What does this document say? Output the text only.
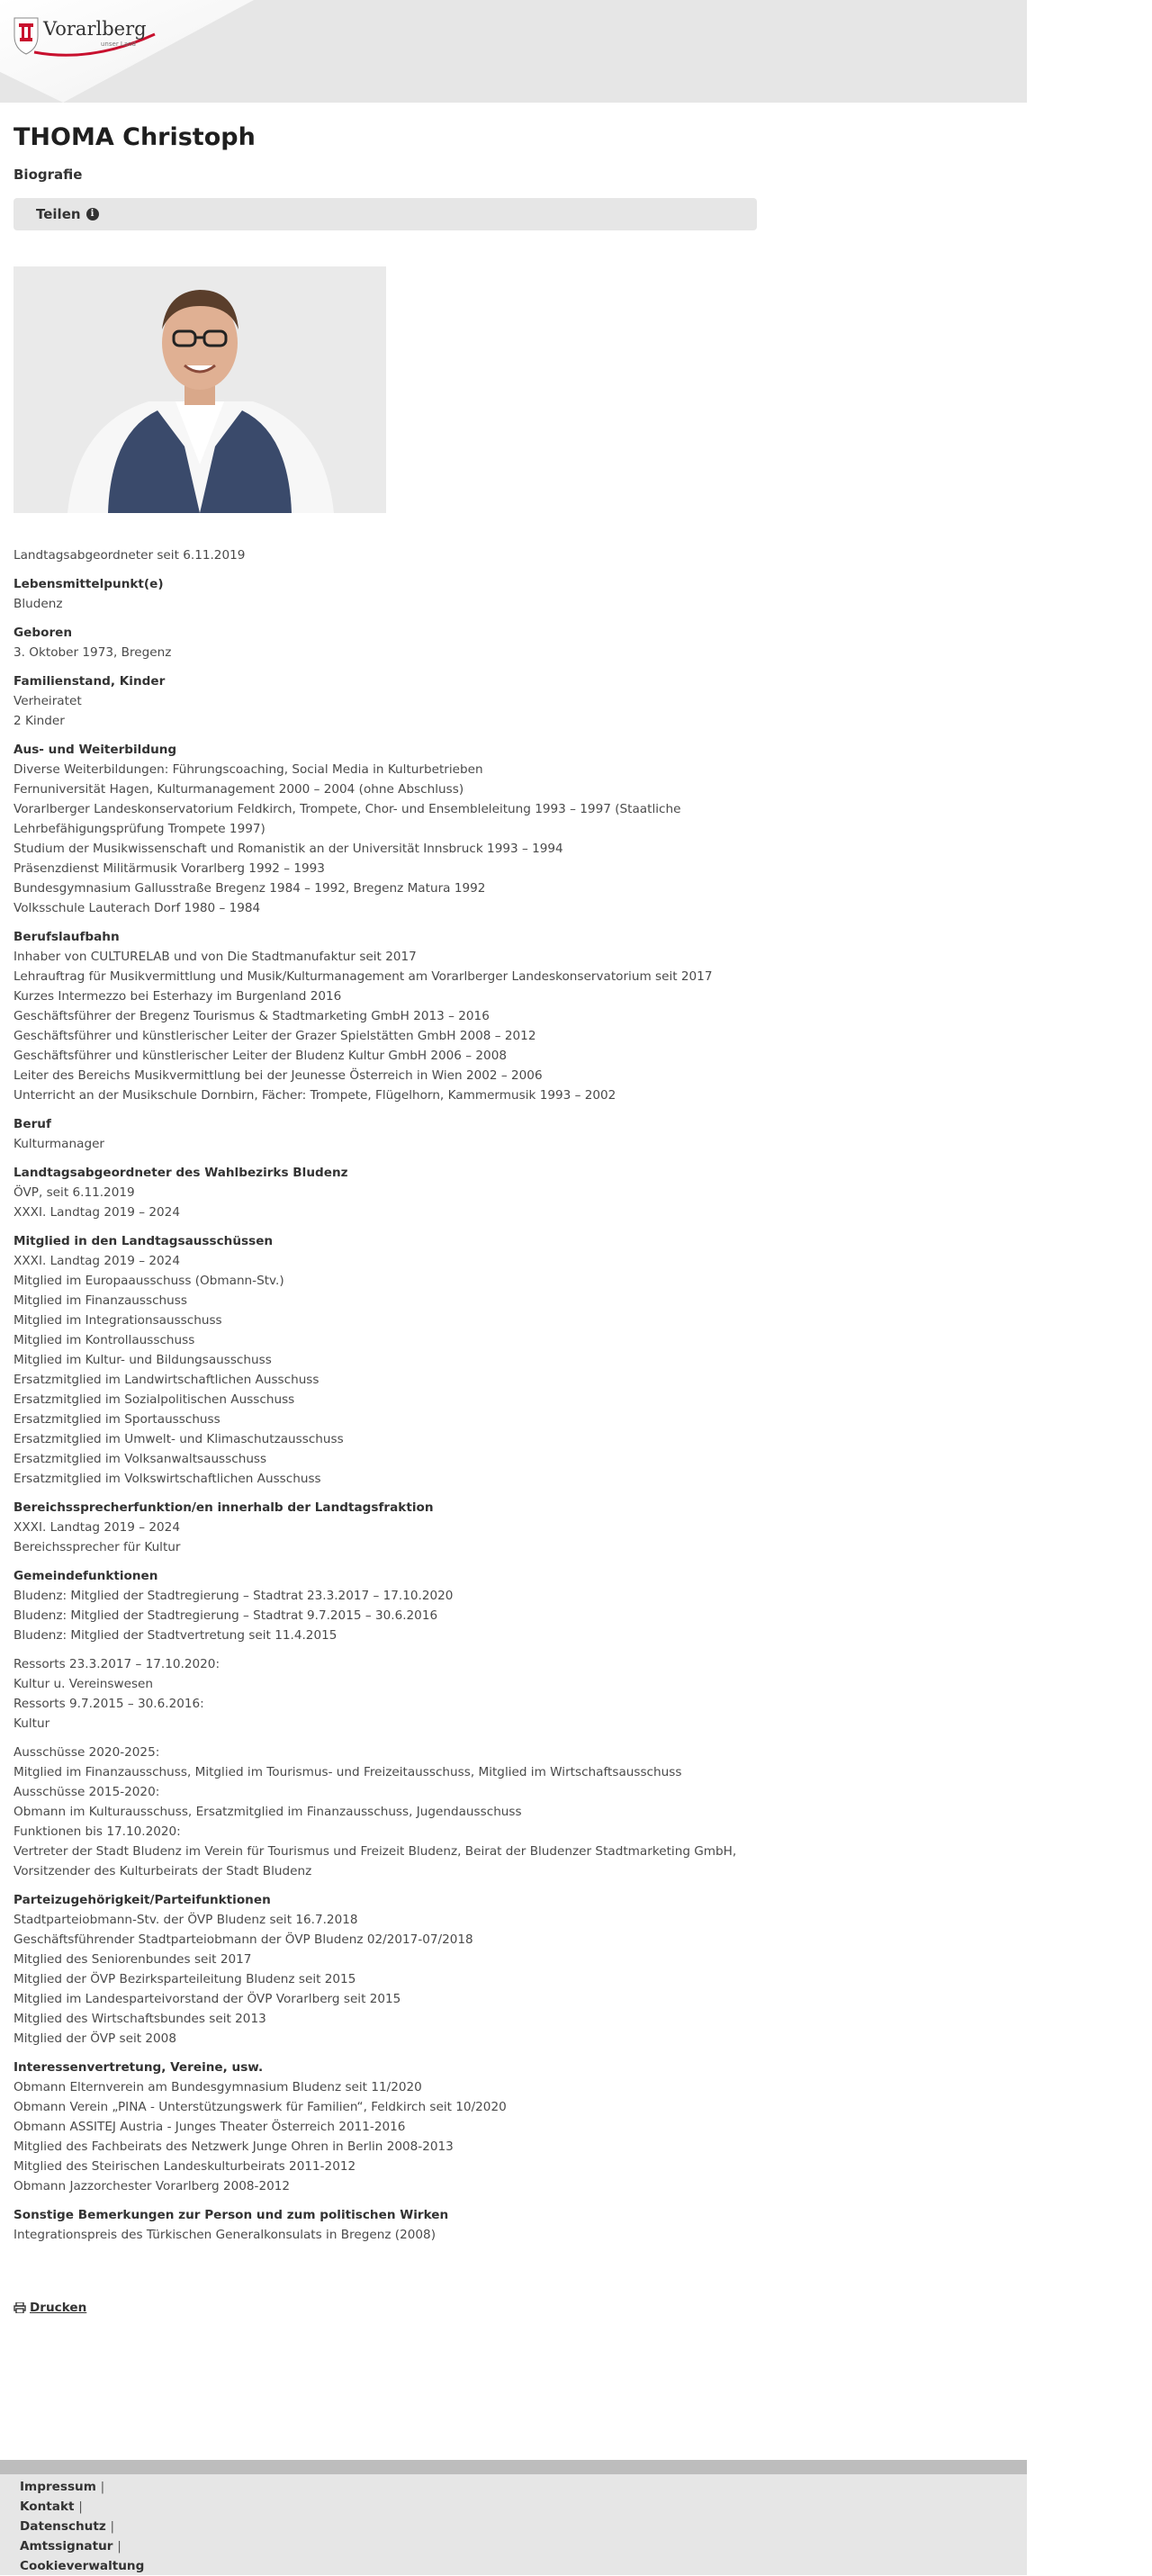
Vorarlberg
unser Land
THOMA Christoph
Biografie
Teilen	i
Landtagsabgeordneter seit 6.11.2019
Lebensmittelpunkt(e)
Bludenz
Geboren
3. Oktober 1973, Bregenz
Familienstand, Kinder
Verheiratet
2 Kinder
Aus- und Weiterbildung
Diverse Weiterbildungen: Führungscoaching, Social Media in Kulturbetrieben
Fernuniversität Hagen, Kulturmanagement 2000 – 2004 (ohne Abschluss)
Vorarlberger Landeskonservatorium Feldkirch, Trompete, Chor- und Ensembleleitung 1993 – 1997 (Staatliche
Lehrbefähigungsprüfung Trompete 1997)
Studium der Musikwissenschaft und Romanistik an der Universität Innsbruck 1993 – 1994
Präsenzdienst Militärmusik Vorarlberg 1992 – 1993
Bundesgymnasium Gallusstraße Bregenz 1984 – 1992, Bregenz Matura 1992
Volksschule Lauterach Dorf 1980 – 1984
Berufslaufbahn
Inhaber von CULTURELAB und von Die Stadtmanufaktur seit 2017
Lehrauftrag für Musikvermittlung und Musik/Kulturmanagement am Vorarlberger Landeskonservatorium seit 2017
Kurzes Intermezzo bei Esterhazy im Burgenland 2016
Geschäftsführer der Bregenz Tourismus & Stadtmarketing GmbH 2013 – 2016
Geschäftsführer und künstlerischer Leiter der Grazer Spielstätten GmbH 2008 – 2012
Geschäftsführer und künstlerischer Leiter der Bludenz Kultur GmbH 2006 – 2008
Leiter des Bereichs Musikvermittlung bei der Jeunesse Österreich in Wien 2002 – 2006
Unterricht an der Musikschule Dornbirn, Fächer: Trompete, Flügelhorn, Kammermusik 1993 – 2002
Beruf
Kulturmanager
Landtagsabgeordneter des Wahlbezirks Bludenz
ÖVP, seit 6.11.2019
XXXI. Landtag 2019 – 2024
Mitglied in den Landtagsausschüssen
XXXI. Landtag 2019 – 2024
Mitglied im Europaausschuss (Obmann-Stv.)
Mitglied im Finanzausschuss
Mitglied im Integrationsausschuss
Mitglied im Kontrollausschuss
Mitglied im Kultur- und Bildungsausschuss
Ersatzmitglied im Landwirtschaftlichen Ausschuss
Ersatzmitglied im Sozialpolitischen Ausschuss
Ersatzmitglied im Sportausschuss
Ersatzmitglied im Umwelt- und Klimaschutzausschuss
Ersatzmitglied im Volksanwaltsausschuss
Ersatzmitglied im Volkswirtschaftlichen Ausschuss
Bereichssprecherfunktion/en innerhalb der Landtagsfraktion
XXXI. Landtag 2019 – 2024
Bereichssprecher für Kultur
Gemeindefunktionen
Bludenz: Mitglied der Stadtregierung – Stadtrat 23.3.2017 – 17.10.2020
Bludenz: Mitglied der Stadtregierung – Stadtrat 9.7.2015 – 30.6.2016
Bludenz: Mitglied der Stadtvertretung seit 11.4.2015
Ressorts 23.3.2017 – 17.10.2020:
Kultur u. Vereinswesen
Ressorts 9.7.2015 – 30.6.2016:
Kultur
Ausschüsse 2020-2025:
Mitglied im Finanzausschuss, Mitglied im Tourismus- und Freizeitausschuss, Mitglied im Wirtschaftsausschuss
Ausschüsse 2015-2020:
Obmann im Kulturausschuss, Ersatzmitglied im Finanzausschuss, Jugendausschuss
Funktionen bis 17.10.2020:
Vertreter der Stadt Bludenz im Verein für Tourismus und Freizeit Bludenz, Beirat der Bludenzer Stadtmarketing GmbH,
Vorsitzender des Kulturbeirats der Stadt Bludenz
Parteizugehörigkeit/Parteifunktionen
Stadtparteiobmann-Stv. der ÖVP Bludenz seit 16.7.2018
Geschäftsführender Stadtparteiobmann der ÖVP Bludenz 02/2017-07/2018
Mitglied des Seniorenbundes seit 2017
Mitglied der ÖVP Bezirksparteileitung Bludenz seit 2015
Mitglied im Landesparteivorstand der ÖVP Vorarlberg seit 2015
Mitglied des Wirtschaftsbundes seit 2013
Mitglied der ÖVP seit 2008
Interessenvertretung, Vereine, usw.
Obmann Elternverein am Bundesgymnasium Bludenz seit 11/2020
Obmann Verein „PINA - Unterstützungswerk für Familien“, Feldkirch seit 10/2020
Obmann ASSITEJ Austria - Junges Theater Österreich 2011-2016
Mitglied des Fachbeirats des Netzwerk Junge Ohren in Berlin 2008-2013
Mitglied des Steirischen Landeskulturbeirats 2011-2012
Obmann Jazzorchester Vorarlberg 2008-2012
Sonstige Bemerkungen zur Person und zum politischen Wirken
Integrationspreis des Türkischen Generalkonsulats in Bregenz (2008)
Drucken
Impressum |
Kontakt |
Datenschutz |
Amtssignatur |
Cookieverwaltung
